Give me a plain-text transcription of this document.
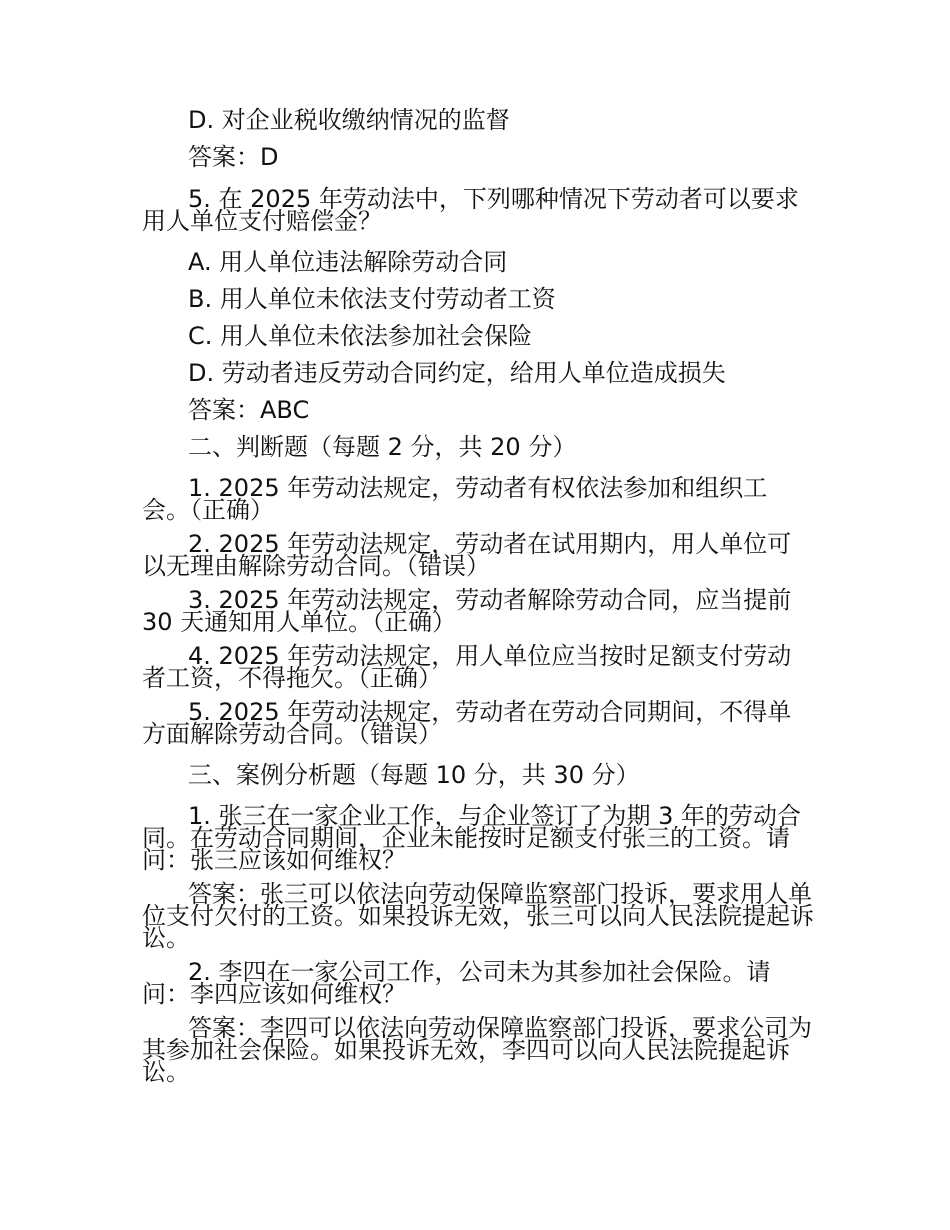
D. 对企业税收缴纳情况的监督
答案：D
5. 在 2025 年劳动法中，下列哪种情况下劳动者可以要求用人单位支付赔偿金？
A. 用人单位违法解除劳动合同
B. 用人单位未依法支付劳动者工资
C. 用人单位未依法参加社会保险
D. 劳动者违反劳动合同约定，给用人单位造成损失
答案：ABC
二、判断题（每题 2 分，共 20 分）
1. 2025 年劳动法规定，劳动者有权依法参加和组织工会。（正确）
2. 2025 年劳动法规定，劳动者在试用期内，用人单位可以无理由解除劳动合同。（错误）
3. 2025 年劳动法规定，劳动者解除劳动合同，应当提前 30 天通知用人单位。（正确）
4. 2025 年劳动法规定，用人单位应当按时足额支付劳动者工资，不得拖欠。（正确）
5. 2025 年劳动法规定，劳动者在劳动合同期间，不得单方面解除劳动合同。（错误）
三、案例分析题（每题 10 分，共 30 分）
1. 张三在一家企业工作，与企业签订了为期 3 年的劳动合同。在劳动合同期间，企业未能按时足额支付张三的工资。请问：张三应该如何维权？
答案：张三可以依法向劳动保障监察部门投诉，要求用人单位支付欠付的工资。如果投诉无效，张三可以向人民法院提起诉讼。
2. 李四在一家公司工作，公司未为其参加社会保险。请问：李四应该如何维权？
答案：李四可以依法向劳动保障监察部门投诉，要求公司为其参加社会保险。如果投诉无效，李四可以向人民法院提起诉讼。
